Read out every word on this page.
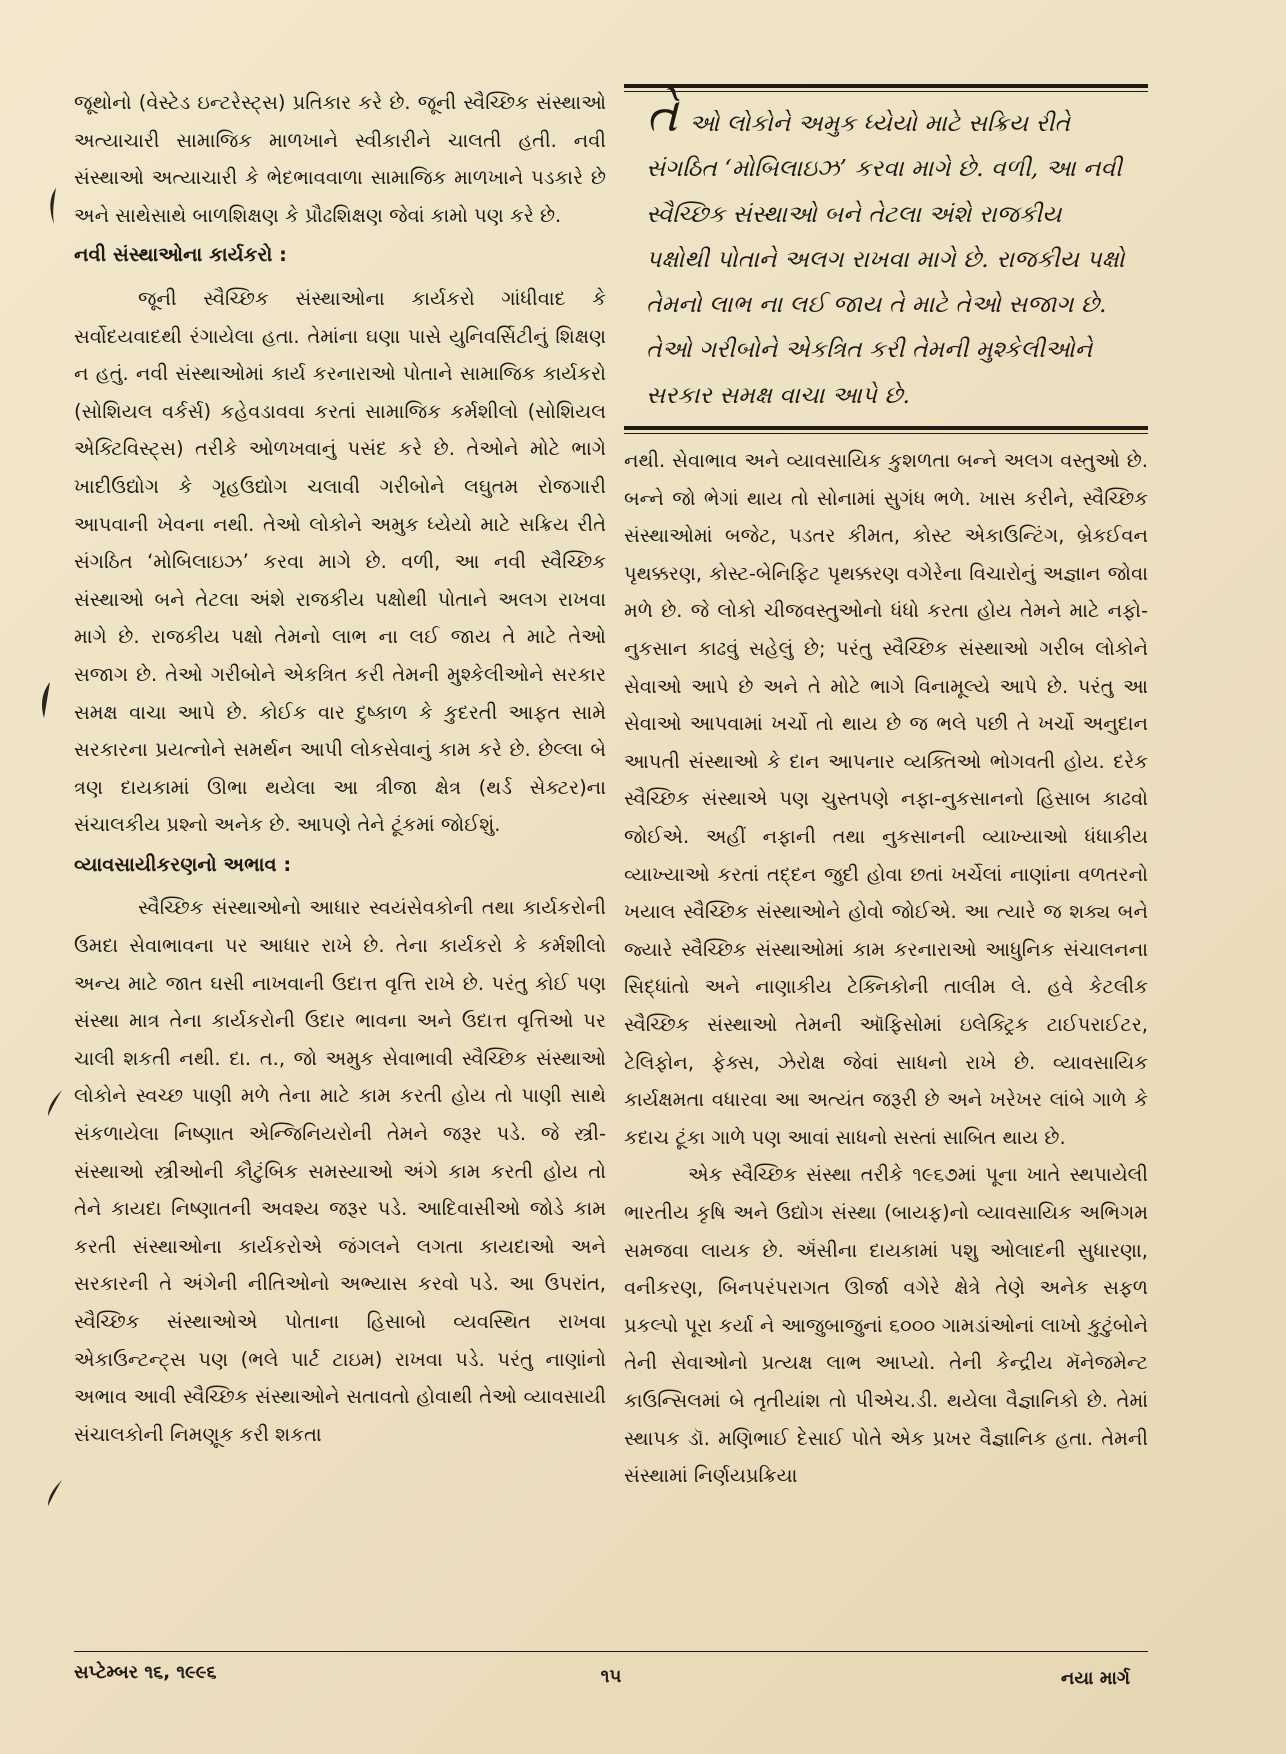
જૂથોનો (વેસ્ટેડ ઇન્ટરેસ્ટ્સ) પ્રતિકાર કરે છે. જૂની સ્વૈચ્છિક સંસ્થાઓ અત્યાચારી સામાજિક માળખાને સ્વીકારીને ચાલતી હતી. નવી સંસ્થાઓ અત્યાચારી કે ભેદભાવવાળા સામાજિક માળખાને પડકારે છે અને સાથેસાથે બાળશિક્ષણ કે પ્રૌઢશિક્ષણ જેવાં કામો પણ કરે છે.

નવી સંસ્થાઓના કાર્યકરો :

જૂની સ્વૈચ્છિક સંસ્થાઓના કાર્યકરો ગાંધીવાદ કે સર્વોદયવાદથી રંગાયેલા હતા. તેમાંના ઘણા પાસે યુનિવર્સિટીનું શિક્ષણ ન હતું. નવી સંસ્થાઓમાં કાર્ય કરનારાઓ પોતાને સામાજિક કાર્યકરો (સોશિયલ વર્કર્સ) કહેવડાવવા કરતાં સામાજિક કર્મશીલો (સોશિયલ એક્ટિવિસ્ટ્સ) તરીકે ઓળખવાનું પસંદ કરે છે. તેઓને મોટે ભાગે ખાદીઉદ્યોગ કે ગૃહઉદ્યોગ ચલાવી ગરીબોને લઘુતમ રોજગારી આપવાની ખેવના નથી. તેઓ લોકોને અમુક ધ્યેયો માટે સક્રિય રીતે સંગઠિત ‘મોબિલાઇઝ’ કરવા માગે છે. વળી, આ નવી સ્વૈચ્છિક સંસ્થાઓ બને તેટલા અંશે રાજકીય પક્ષોથી પોતાને અલગ રાખવા માગે છે. રાજકીય પક્ષો તેમનો લાભ ના લઈ જાય તે માટે તેઓ સજાગ છે. તેઓ ગરીબોને એકત્રિત કરી તેમની મુશ્કેલીઓને સરકાર સમક્ષ વાચા આપે છે. કોઈક વાર દુષ્કાળ કે કુદરતી આફત સામે સરકારના પ્રયત્નોને સમર્થન આપી લોકસેવાનું કામ કરે છે. છેલ્લા બે ત્રણ દાયકામાં ઊભા થયેલા આ ત્રીજા ક્ષેત્ર (થર્ડ સેક્ટર)ના સંચાલકીય પ્રશ્નો અનેક છે. આપણે તેને ટૂંકમાં જોઈશું.

વ્યાવસાયીકરણનો અભાવ :

સ્વૈચ્છિક સંસ્થાઓનો આધાર સ્વયંસેવકોની તથા કાર્યકરોની ઉમદા સેવાભાવના પર આધાર રાખે છે. તેના કાર્યકરો કે કર્મશીલો અન્ય માટે જાત ઘસી નાખવાની ઉદાત્ત વૃત્તિ રાખે છે. પરંતુ કોઈ પણ સંસ્થા માત્ર તેના કાર્યકરોની ઉદાર ભાવના અને ઉદાત્ત વૃત્તિઓ પર ચાલી શકતી નથી. દા. ત., જો અમુક સેવાભાવી સ્વૈચ્છિક સંસ્થાઓ લોકોને સ્વચ્છ પાણી મળે તેના માટે કામ કરતી હોય તો પાણી સાથે સંકળાયેલા નિષ્ણાત એન્જિનિયરોની તેમને જરૂર પડે. જે સ્ત્રી-સંસ્થાઓ સ્ત્રીઓની કૌટુંબિક સમસ્યાઓ અંગે કામ કરતી હોય તો તેને કાયદા નિષ્ણાતની અવશ્ય જરૂર પડે. આદિવાસીઓ જોડે કામ કરતી સંસ્થાઓના કાર્યકરોએ જંગલને લગતા કાયદાઓ અને સરકારની તે અંગેની નીતિઓનો અભ્યાસ કરવો પડે. આ ઉપરાંત, સ્વૈચ્છિક સંસ્થાઓએ પોતાના હિસાબો વ્યવસ્થિત રાખવા એકાઉન્ટન્ટ્સ પણ (ભલે પાર્ટ ટાઇમ) રાખવા પડે. પરંતુ નાણાંનો અભાવ આવી સ્વૈચ્છિક સંસ્થાઓને સતાવતો હોવાથી તેઓ વ્યાવસાયી સંચાલકોની નિમણૂક કરી શકતા

તે ઓ લોકોને અમુક ધ્યેયો માટે સક્રિય રીતે સંગઠિત ‘મોબિલાઇઝ’ કરવા માગે છે. વળી, આ નવી સ્વૈચ્છિક સંસ્થાઓ બને તેટલા અંશે રાજકીય પક્ષોથી પોતાને અલગ રાખવા માગે છે. રાજકીય પક્ષો તેમનો લાભ ના લઈ જાય તે માટે તેઓ સજાગ છે. તેઓ ગરીબોને એકત્રિત કરી તેમની મુશ્કેલીઓને સરકાર સમક્ષ વાચા આપે છે.

નથી. સેવાભાવ અને વ્યાવસાયિક કુશળતા બન્ને અલગ વસ્તુઓ છે. બન્ને જો ભેગાં થાય તો સોનામાં સુગંધ ભળે. ખાસ કરીને, સ્વૈચ્છિક સંસ્થાઓમાં બજેટ, પડતર કીમત, કોસ્ટ એકાઉન્ટિંગ, બ્રેકઈવન પૃથક્કરણ, કોસ્ટ-બેનિફિટ પૃથક્કરણ વગેરેના વિચારોનું અજ્ઞાન જોવા મળે છે. જે લોકો ચીજવસ્તુઓનો ધંધો કરતા હોય તેમને માટે નફો-નુકસાન કાઢવું સહેલું છે; પરંતુ સ્વૈચ્છિક સંસ્થાઓ ગરીબ લોકોને સેવાઓ આપે છે અને તે મોટે ભાગે વિનામૂલ્યે આપે છે. પરંતુ આ સેવાઓ આપવામાં ખર્ચો તો થાય છે જ ભલે પછી તે ખર્ચો અનુદાન આપતી સંસ્થાઓ કે દાન આપનાર વ્યક્તિઓ ભોગવતી હોય. દરેક સ્વૈચ્છિક સંસ્થાએ પણ ચુસ્તપણે નફા-નુકસાનનો હિસાબ કાઢવો જોઈએ. અહીં નફાની તથા નુકસાનની વ્યાખ્યાઓ ધંધાકીય વ્યાખ્યાઓ કરતાં તદ્દન જુદી હોવા છતાં ખર્ચેલાં નાણાંના વળતરનો ખયાલ સ્વૈચ્છિક સંસ્થાઓને હોવો જોઈએ. આ ત્યારે જ શક્ય બને જ્યારે સ્વૈચ્છિક સંસ્થાઓમાં કામ કરનારાઓ આધુનિક સંચાલનના સિદ્ધાંતો અને નાણાકીય ટેક્નિકોની તાલીમ લે. હવે કેટલીક સ્વૈચ્છિક સંસ્થાઓ તેમની ઑફિસોમાં ઇલેક્ટ્રિક ટાઈપરાઈટર, ટેલિફોન, ફેક્સ, ઝેરોક્ષ જેવાં સાધનો રાખે છે. વ્યાવસાયિક કાર્યક્ષમતા વધારવા આ અત્યંત જરૂરી છે અને ખરેખર લાંબે ગાળે કે કદાચ ટૂંકા ગાળે પણ આવાં સાધનો સસ્તાં સાબિત થાય છે.

એક સ્વૈચ્છિક સંસ્થા તરીકે ૧૯૬૭માં પૂના ખાતે સ્થપાયેલી ભારતીય કૃષિ અને ઉદ્યોગ સંસ્થા (બાયફ)નો વ્યાવસાયિક અભિગમ સમજવા લાયક છે. ઍંસીના દાયકામાં પશુ ઓલાદની સુધારણા, વનીકરણ, બિનપરંપરાગત ઊર્જા વગેરે ક્ષેત્રે તેણે અનેક સફળ પ્રકલ્પો પૂરા કર્યા ને આજુબાજુનાં ૬૦૦૦ ગામડાંઓનાં લાખો કુટુંબોને તેની સેવાઓનો પ્રત્યક્ષ લાભ આપ્યો. તેની કેન્દ્રીય મૅનેજમેન્ટ કાઉન્સિલમાં બે તૃતીયાંશ તો પીએચ.ડી. થયેલા વૈજ્ઞાનિકો છે. તેમાં સ્થાપક ડૉ. મણિભાઈ દેસાઈ પોતે એક પ્રખર વૈજ્ઞાનિક હતા. તેમની સંસ્થામાં નિર્ણયપ્રક્રિયા

સપ્ટેમ્બર ૧૬, ૧૯૯૬	૧૫	નયા માર્ગ
